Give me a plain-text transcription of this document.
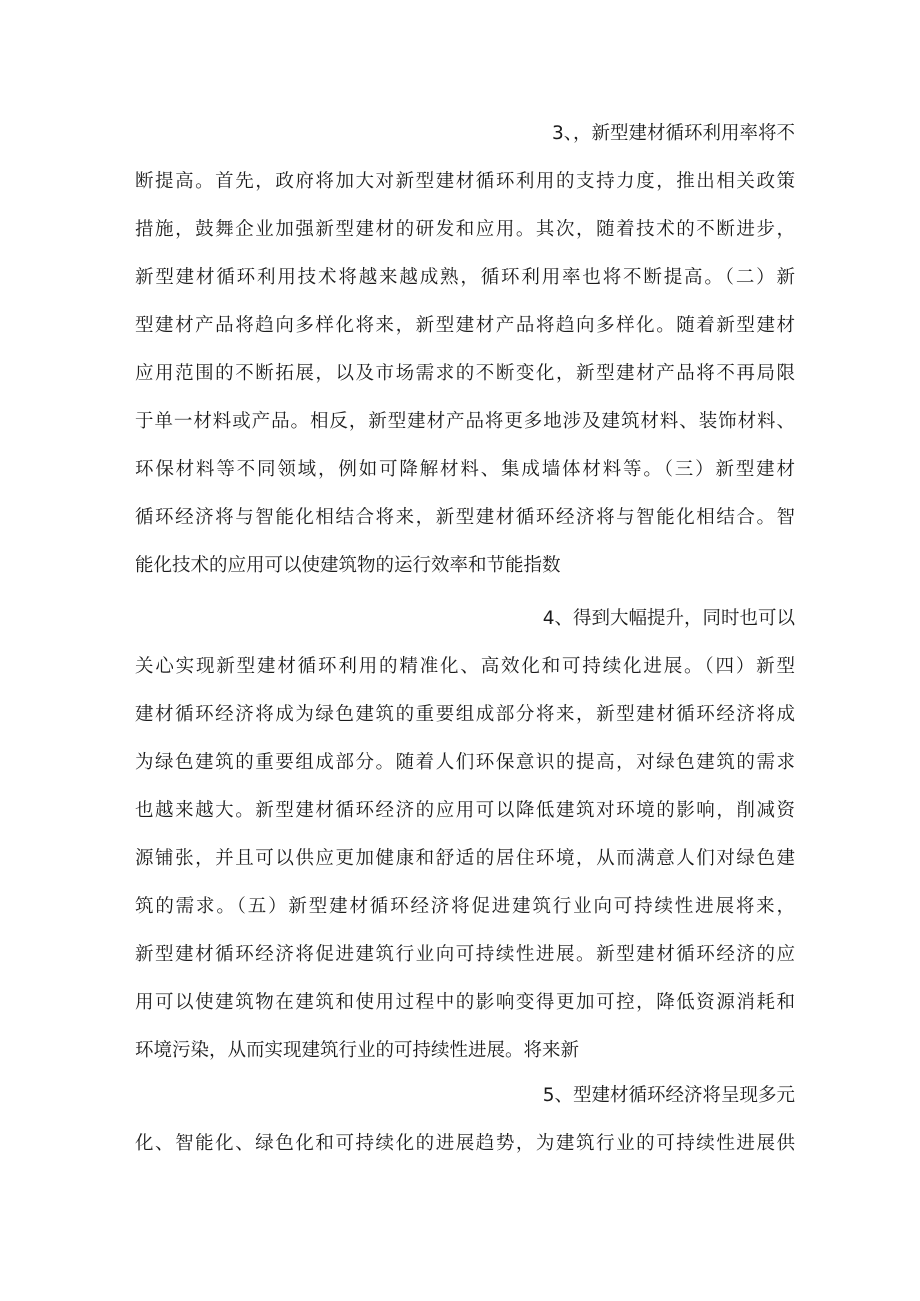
3、，新型建材循环利用率将不
断提高。首先，政府将加大对新型建材循环利用的支持力度，推出相关政策
措施，鼓舞企业加强新型建材的研发和应用。其次，随着技术的不断进步，
新型建材循环利用技术将越来越成熟，循环利用率也将不断提高。（二）新
型建材产品将趋向多样化将来，新型建材产品将趋向多样化。随着新型建材
应用范围的不断拓展，以及市场需求的不断变化，新型建材产品将不再局限
于单一材料或产品。相反，新型建材产品将更多地涉及建筑材料、装饰材料、
环保材料等不同领域，例如可降解材料、集成墙体材料等。（三）新型建材
循环经济将与智能化相结合将来，新型建材循环经济将与智能化相结合。智
能化技术的应用可以使建筑物的运行效率和节能指数
4、得到大幅提升，同时也可以
关心实现新型建材循环利用的精准化、高效化和可持续化进展。（四）新型
建材循环经济将成为绿色建筑的重要组成部分将来，新型建材循环经济将成
为绿色建筑的重要组成部分。随着人们环保意识的提高，对绿色建筑的需求
也越来越大。新型建材循环经济的应用可以降低建筑对环境的影响，削减资
源铺张，并且可以供应更加健康和舒适的居住环境，从而满意人们对绿色建
筑的需求。（五）新型建材循环经济将促进建筑行业向可持续性进展将来，
新型建材循环经济将促进建筑行业向可持续性进展。新型建材循环经济的应
用可以使建筑物在建筑和使用过程中的影响变得更加可控，降低资源消耗和
环境污染，从而实现建筑行业的可持续性进展。将来新
5、型建材循环经济将呈现多元
化、智能化、绿色化和可持续化的进展趋势，为建筑行业的可持续性进展供
